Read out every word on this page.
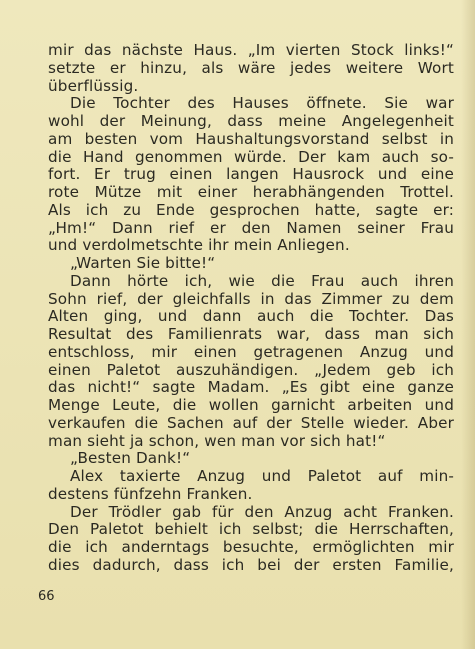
mir das nächste Haus. „Im vierten Stock links!“
setzte er hinzu, als wäre jedes weitere Wort
überflüssig.
Die Tochter des Hauses öffnete. Sie war
wohl der Meinung, dass meine Angelegenheit
am besten vom Haushaltungsvorstand selbst in
die Hand genommen würde. Der kam auch so-
fort. Er trug einen langen Hausrock und eine
rote Mütze mit einer herabhängenden Trottel.
Als ich zu Ende gesprochen hatte, sagte er:
„Hm!“ Dann rief er den Namen seiner Frau
und verdolmetschte ihr mein Anliegen.
„Warten Sie bitte!“
Dann hörte ich, wie die Frau auch ihren
Sohn rief, der gleichfalls in das Zimmer zu dem
Alten ging, und dann auch die Tochter. Das
Resultat des Familienrats war, dass man sich
entschloss, mir einen getragenen Anzug und
einen Paletot auszuhändigen. „Jedem geb ich
das nicht!“ sagte Madam. „Es gibt eine ganze
Menge Leute, die wollen garnicht arbeiten und
verkaufen die Sachen auf der Stelle wieder. Aber
man sieht ja schon, wen man vor sich hat!“
„Besten Dank!“
Alex taxierte Anzug und Paletot auf min-
destens fünfzehn Franken.
Der Trödler gab für den Anzug acht Franken.
Den Paletot behielt ich selbst; die Herrschaften,
die ich anderntags besuchte, ermöglichten mir
dies dadurch, dass ich bei der ersten Familie,
66
